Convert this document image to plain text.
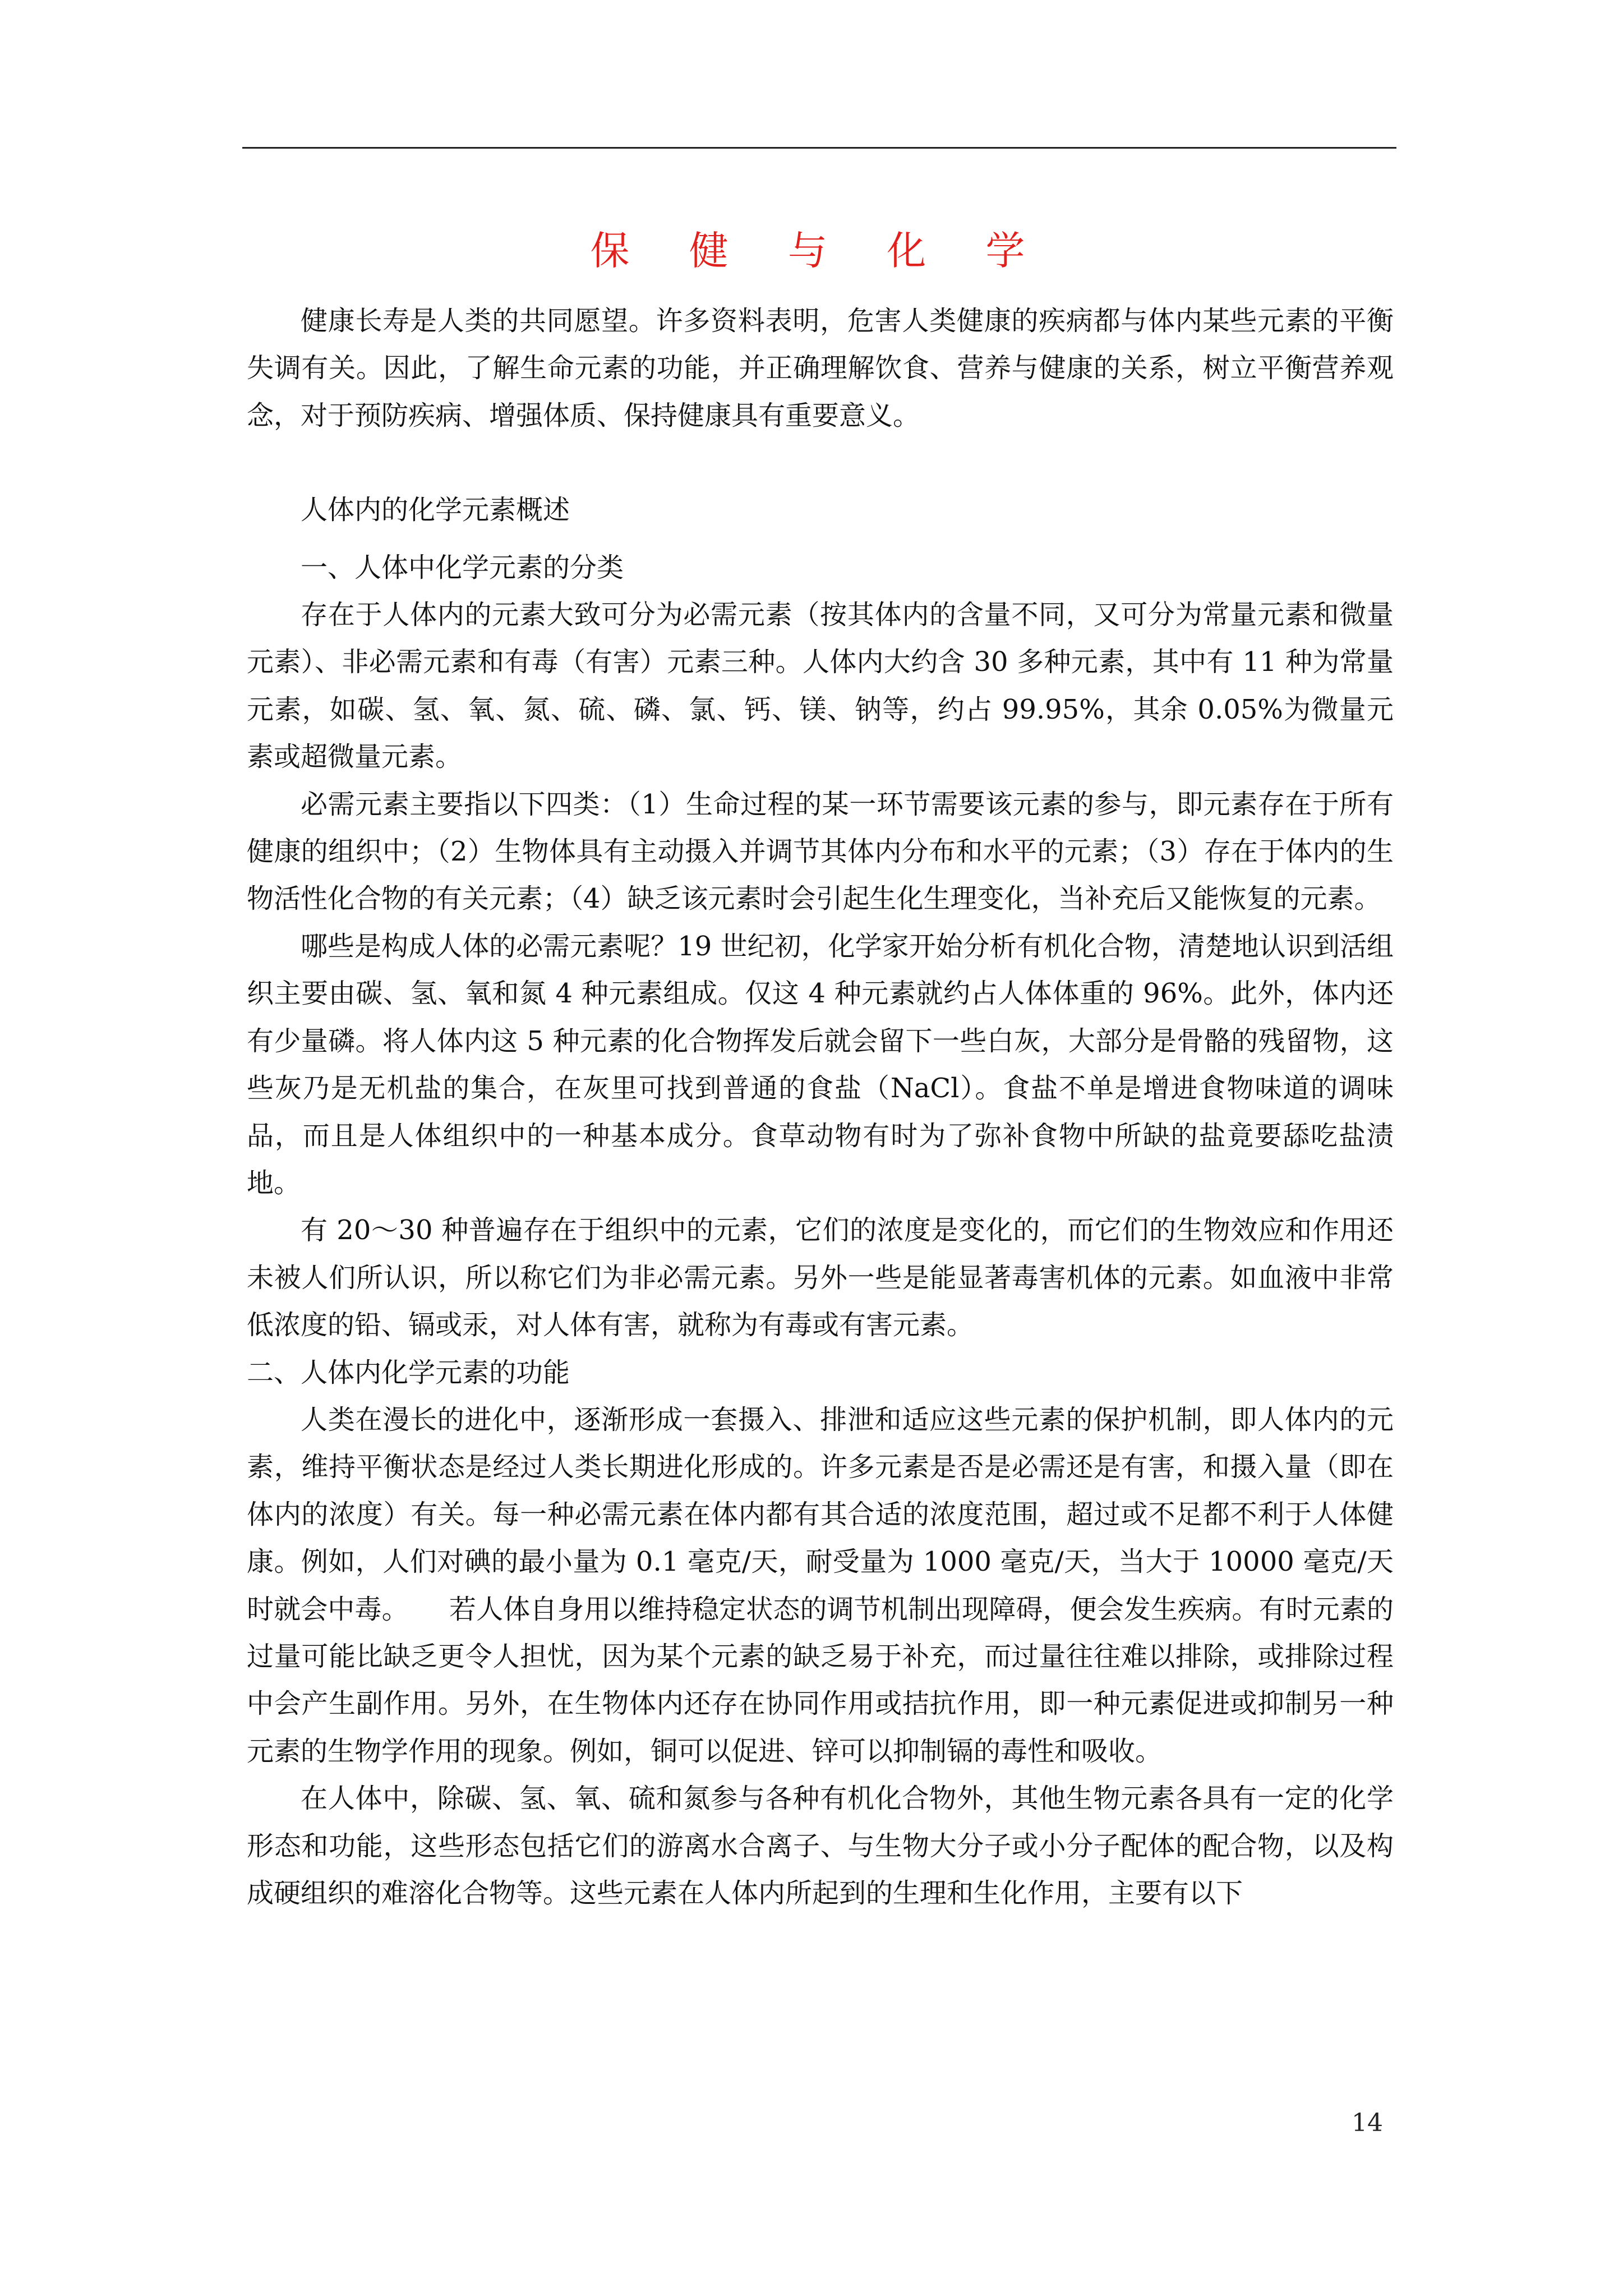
保 健 与 化 学

健康长寿是人类的共同愿望。许多资料表明，危害人类健康的疾病都与体内某些元素的平衡失调有关。因此，了解生命元素的功能，并正确理解饮食、营养与健康的关系，树立平衡营养观念，对于预防疾病、增强体质、保持健康具有重要意义。

人体内的化学元素概述

一、人体中化学元素的分类

存在于人体内的元素大致可分为必需元素（按其体内的含量不同，又可分为常量元素和微量元素）、非必需元素和有毒（有害）元素三种。人体内大约含 30 多种元素，其中有 11 种为常量元素，如碳、氢、氧、氮、硫、磷、氯、钙、镁、钠等，约占 99.95%，其余 0.05%为微量元素或超微量元素。

必需元素主要指以下四类：（1）生命过程的某一环节需要该元素的参与，即元素存在于所有健康的组织中；（2）生物体具有主动摄入并调节其体内分布和水平的元素；（3）存在于体内的生物活性化合物的有关元素；（4）缺乏该元素时会引起生化生理变化，当补充后又能恢复的元素。

哪些是构成人体的必需元素呢？19 世纪初，化学家开始分析有机化合物，清楚地认识到活组织主要由碳、氢、氧和氮 4 种元素组成。仅这 4 种元素就约占人体体重的 96%。此外，体内还有少量磷。将人体内这 5 种元素的化合物挥发后就会留下一些白灰，大部分是骨骼的残留物，这些灰乃是无机盐的集合，在灰里可找到普通的食盐（NaCl）。食盐不单是增进食物味道的调味品，而且是人体组织中的一种基本成分。食草动物有时为了弥补食物中所缺的盐竟要舔吃盐渍地。

有 20～30 种普遍存在于组织中的元素，它们的浓度是变化的，而它们的生物效应和作用还未被人们所认识，所以称它们为非必需元素。另外一些是能显著毒害机体的元素。如血液中非常低浓度的铅、镉或汞，对人体有害，就称为有毒或有害元素。

二、人体内化学元素的功能

人类在漫长的进化中，逐渐形成一套摄入、排泄和适应这些元素的保护机制，即人体内的元素，维持平衡状态是经过人类长期进化形成的。许多元素是否是必需还是有害，和摄入量（即在体内的浓度）有关。每一种必需元素在体内都有其合适的浓度范围，超过或不足都不利于人体健康。例如，人们对碘的最小量为 0.1 毫克/天，耐受量为 1000 毫克/天，当大于 10000 毫克/天时就会中毒。　　若人体自身用以维持稳定状态的调节机制出现障碍，便会发生疾病。有时元素的过量可能比缺乏更令人担忧，因为某个元素的缺乏易于补充，而过量往往难以排除，或排除过程中会产生副作用。另外，在生物体内还存在协同作用或拮抗作用，即一种元素促进或抑制另一种元素的生物学作用的现象。例如，铜可以促进、锌可以抑制镉的毒性和吸收。

在人体中，除碳、氢、氧、硫和氮参与各种有机化合物外，其他生物元素各具有一定的化学形态和功能，这些形态包括它们的游离水合离子、与生物大分子或小分子配体的配合物，以及构成硬组织的难溶化合物等。这些元素在人体内所起到的生理和生化作用，主要有以下

14
